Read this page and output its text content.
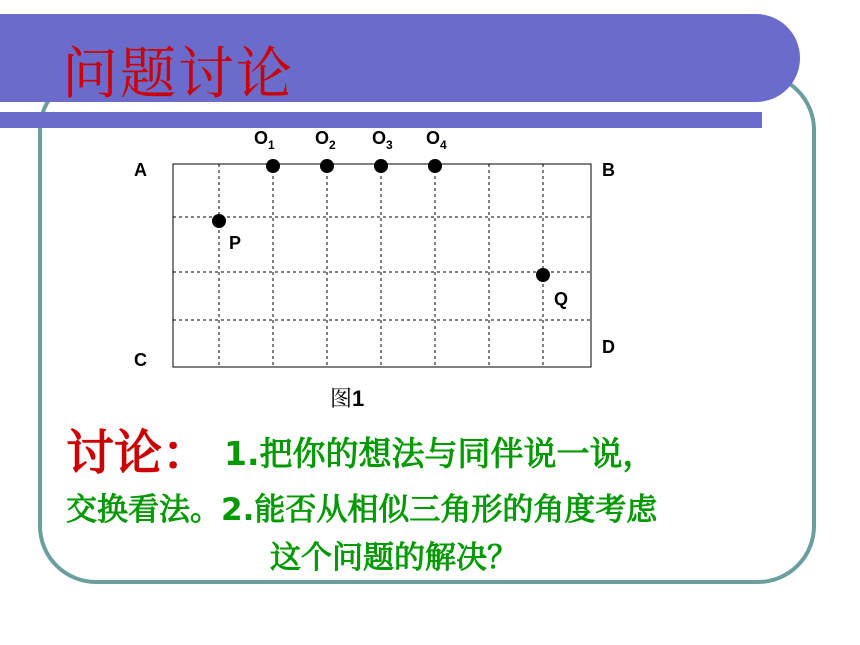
问题讨论
A	B
C
D
$O_1$ $O_2$ $O_3$ $O_4$
P
Q
图1
讨论： 1.把你的想法与同伴说一说，
交换看法。2.能否从相似三角形的角度考虑
这个问题的解决？
